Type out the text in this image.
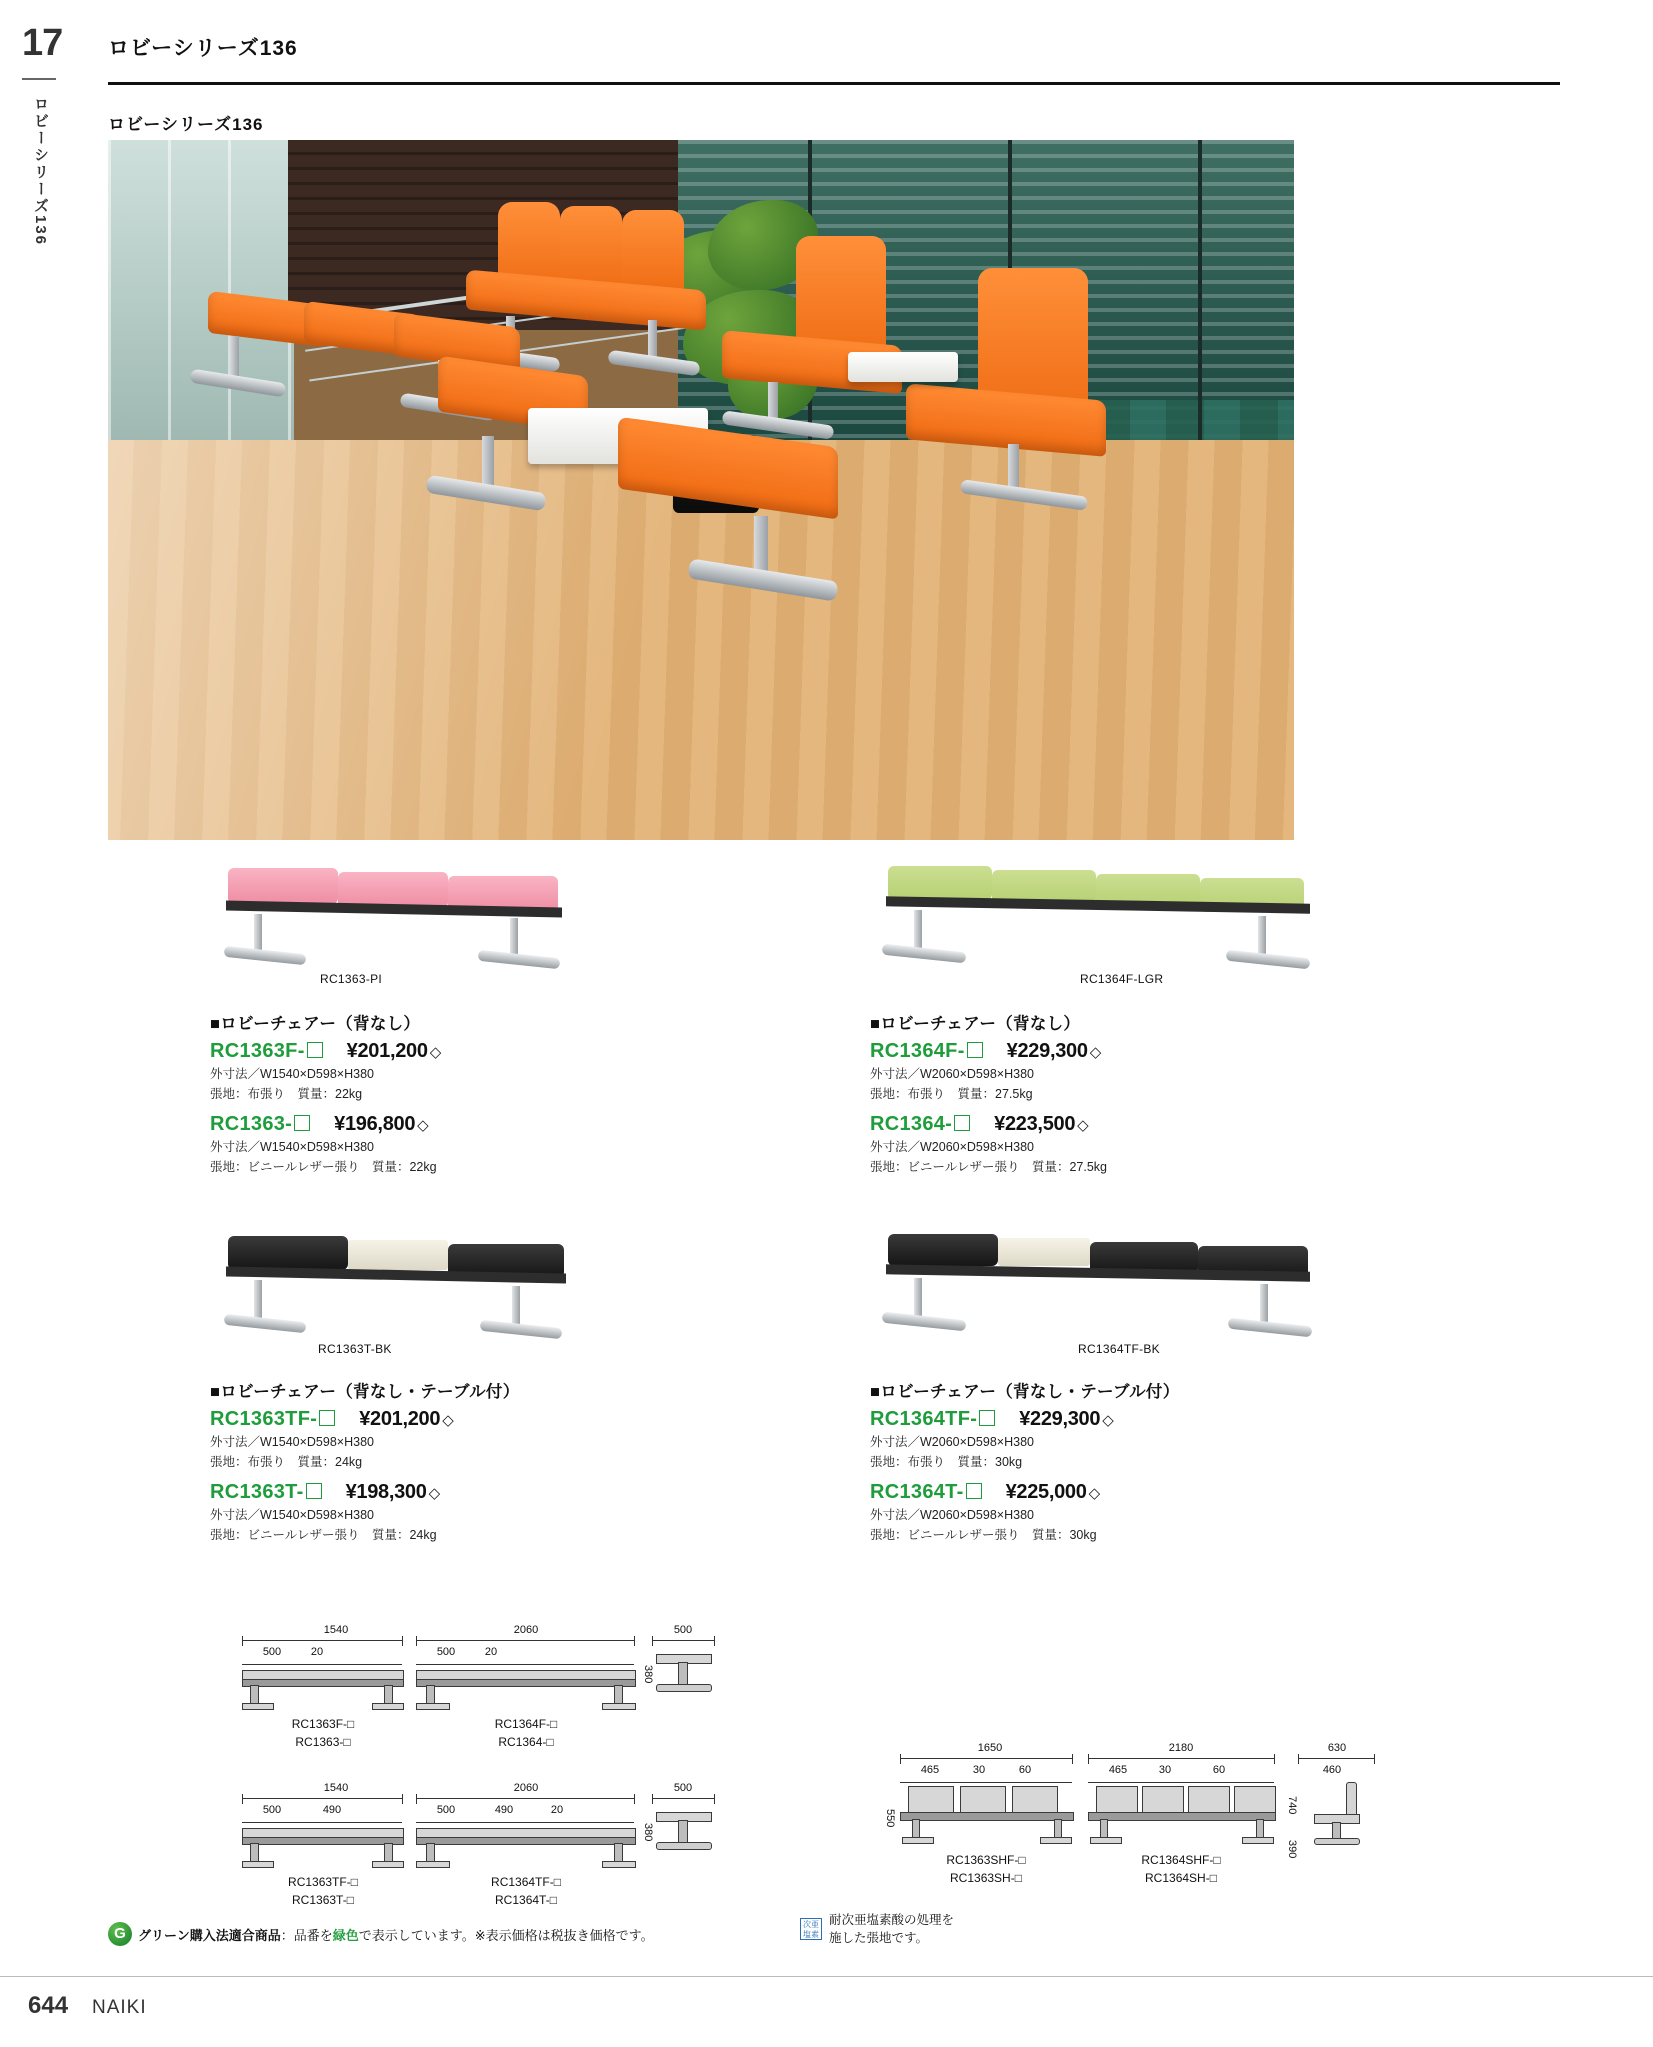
17
ロビーシリーズ136
ロビーシリーズ136
ロビーシリーズ136
RC1363-PI
■ロビーチェアー（背なし）
RC1363F- ¥201,200 ◇
外寸法／W1540×D598×H380
張地：布張り　質量：22kg
RC1363- ¥196,800 ◇
外寸法／W1540×D598×H380
張地：ビニールレザー張り　質量：22kg
RC1364F-LGR
■ロビーチェアー（背なし）
RC1364F- ¥229,300 ◇
外寸法／W2060×D598×H380
張地：布張り　質量：27.5kg
RC1364- ¥223,500 ◇
外寸法／W2060×D598×H380
張地：ビニールレザー張り　質量：27.5kg
RC1363T-BK
■ロビーチェアー（背なし・テーブル付）
RC1363TF- ¥201,200 ◇
外寸法／W1540×D598×H380
張地：布張り　質量：24kg
RC1363T- ¥198,300 ◇
外寸法／W1540×D598×H380
張地：ビニールレザー張り　質量：24kg
RC1364TF-BK
■ロビーチェアー（背なし・テーブル付）
RC1364TF- ¥229,300 ◇
外寸法／W2060×D598×H380
張地：布張り　質量：30kg
RC1364T- ¥225,000 ◇
外寸法／W2060×D598×H380
張地：ビニールレザー張り　質量：30kg
1540
500	20
RC1363F-□
RC1363-□
2060
500	20
RC1364F-□
RC1364-□
500
380
1540
500	490
RC1363TF-□
RC1363T-□
2060
500	490	20
RC1364TF-□
RC1364T-□
500
380
1650
465	30	60
550
RC1363SHF-□
RC1363SH-□
2180
465	30	60
RC1364SHF-□
RC1364SH-□
630
460
740
390
Gグリーン購入法適合商品：品番を緑色で表示しています。※表示価格は税抜き価格です。
次亜
塩素
耐次亜塩素酸の処理を
施した張地です。
644 NAIKI
